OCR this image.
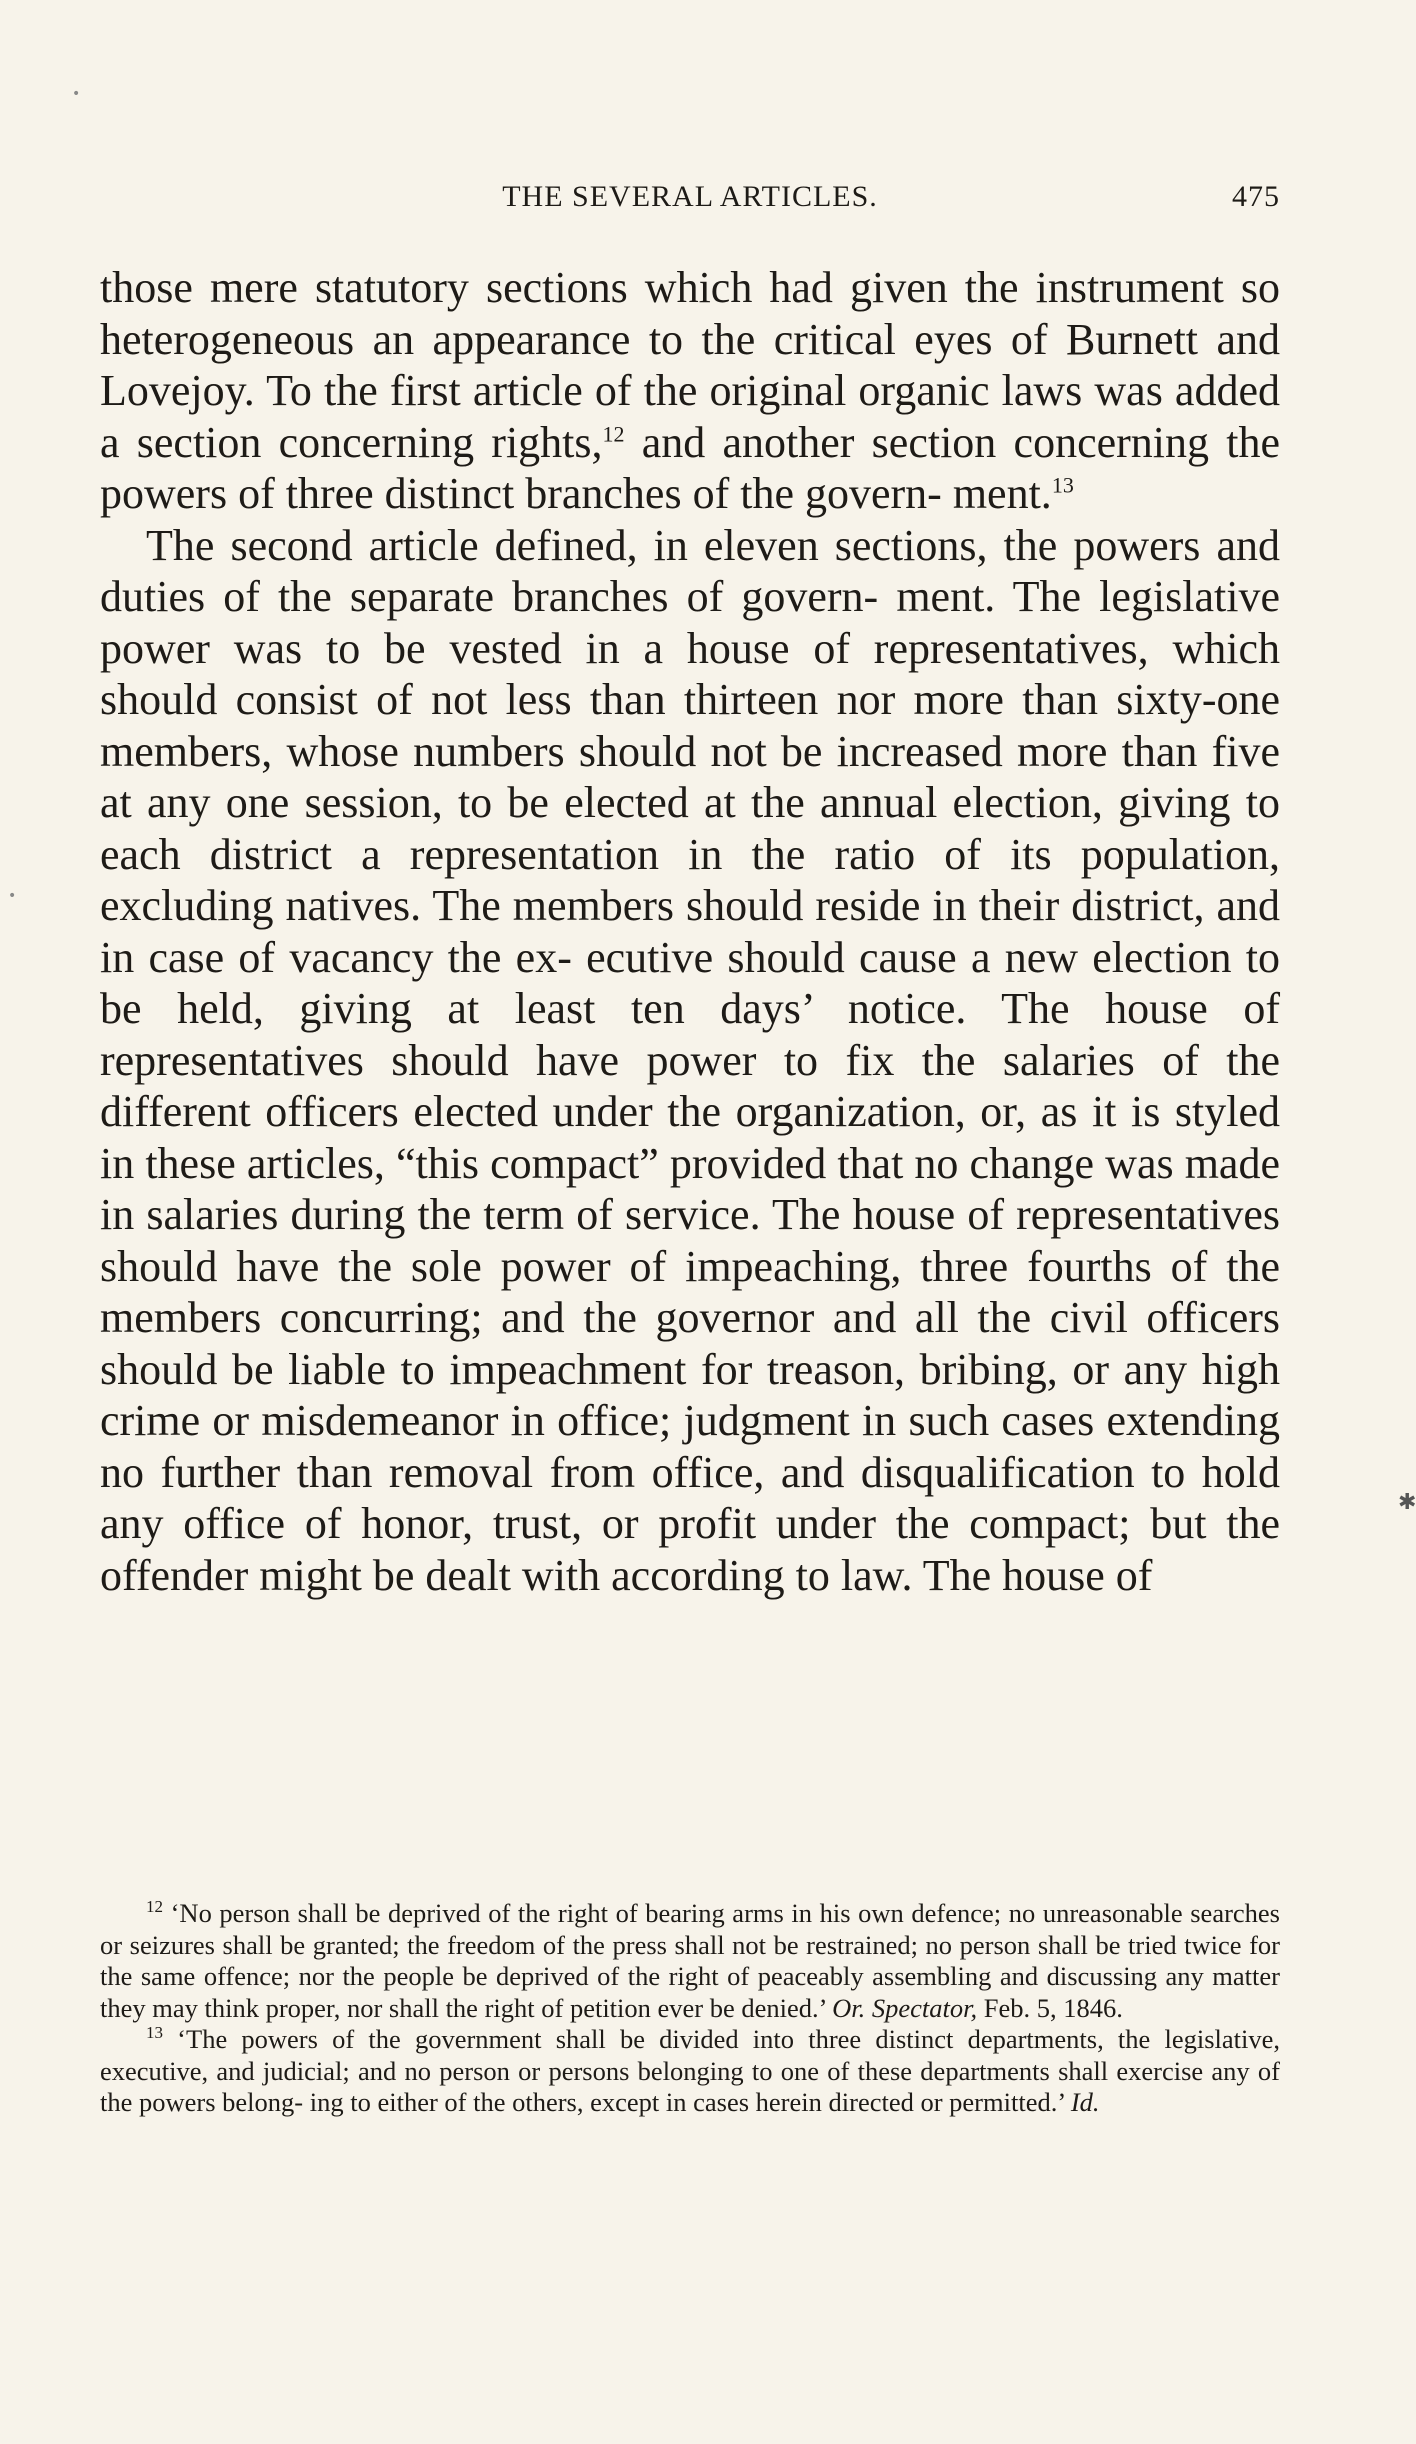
THE SEVERAL ARTICLES.	475

those mere statutory sections which had given the instrument so heterogeneous an appearance to the critical eyes of Burnett and Lovejoy. To the first article of the original organic laws was added a section concerning rights,$^{12}$ and another section concerning the powers of three distinct branches of the govern- ment.$^{13}$

The second article defined, in eleven sections, the powers and duties of the separate branches of govern- ment. The legislative power was to be vested in a house of representatives, which should consist of not less than thirteen nor more than sixty-one members, whose numbers should not be increased more than five at any one session, to be elected at the annual election, giving to each district a representation in the ratio of its population, excluding natives. The members should reside in their district, and in case of vacancy the ex- ecutive should cause a new election to be held, giving at least ten days’ notice. The house of representatives should have power to fix the salaries of the different officers elected under the organization, or, as it is styled in these articles, “this compact” provided that no change was made in salaries during the term of service. The house of representatives should have the sole power of impeaching, three fourths of the members concurring; and the governor and all the civil officers should be liable to impeachment for treason, bribing, or any high crime or misdemeanor in office; judgment in such cases extending no further than removal from office, and disqualification to hold any office of honor, trust, or profit under the compact; but the offender might be dealt with according to law. The house of

$^{12}$ ‘No person shall be deprived of the right of bearing arms in his own defence; no unreasonable searches or seizures shall be granted; the freedom of the press shall not be restrained; no person shall be tried twice for the same offence; nor the people be deprived of the right of peaceably assembling and discussing any matter they may think proper, nor shall the right of petition ever be denied.’ Or. Spectator, Feb. 5, 1846.

$^{13}$ ‘The powers of the government shall be divided into three distinct departments, the legislative, executive, and judicial; and no person or persons belonging to one of these departments shall exercise any of the powers belong- ing to either of the others, except in cases herein directed or permitted.’ Id.

✱
•
•
